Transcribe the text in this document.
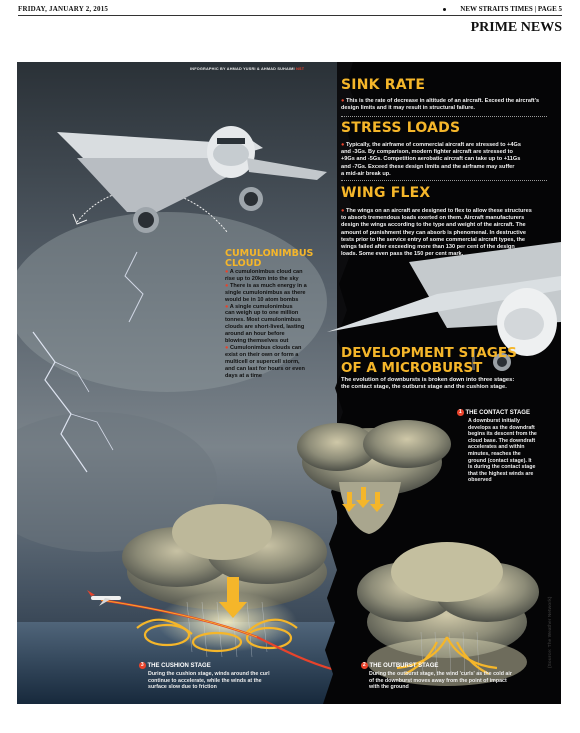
FRIDAY, JANUARY 2, 2015	NEW STRAITS TIMES | PAGE 5
PRIME NEWS
INFOGRAPHIC BY AHMAD YUSRI & AHMAD SUHAIMI NST
SINK RATE
● This is the rate of decrease in altitude of an aircraft. Exceed the aircraft's design limits and it may result in structural failure.
STRESS LOADS
● Typically, the airframe of commercial aircraft are stressed to +4Gs
and -3Gs. By comparison, modern fighter aircraft are stressed to
+9Gs and -5Gs. Competition aerobatic aircraft can take up to +11Gs
and -7Gs. Exceed these design limits and the airframe may suffer
a mid-air break up.
WING FLEX
● The wings on an aircraft are designed to flex to allow these structures
to absorb tremendous loads exerted on them. Aircraft manufacturers
design the wings according to the type and weight of the aircraft. The
amount of punishment they can absorb is phenomenal. In destructive
tests prior to the service entry of some commercial aircraft types, the
wings failed after exceeding more than 130 per cent of the design
loads. Some even pass the 150 per cent mark.
CUMULONIMBUS
CLOUD

● A cumulonimbus cloud can

rise up to 20km into the sky

● There is as much energy in a

single cumulonimbus as there

would be in 10 atom bombs

● A single cumulonimbus

can weigh up to one million

tonnes. Most cumulonimbus

clouds are short-lived, lasting

around an hour before

blowing themselves out

● Cumulonimbus clouds can

exist on their own or form a

multicell or supercell storm,

and can last for hours or even

days at a time

DEVELOPMENT STAGES
OF A MICROBURST
The evolution of downbursts is broken down into three stages:
the contact stage, the outburst stage and the cushion stage.
1 THE CONTACT STAGE
A downburst initially
develops as the downdraft
begins its descent from the
cloud base. The downdraft
accelerates and within
minutes, reaches the
ground (contact stage). It
is during the contact stage
that the highest winds are
observed
3 THE CUSHION STAGE
During the cushion stage, winds around the curl
continue to accelerate, while the winds at the
surface slow due to friction
2 THE OUTBURST STAGE
During the outburst stage, the wind 'curls' as the cold air
of the downburst moves away from the point of impact
with the ground
(Source: The Weather Network)
